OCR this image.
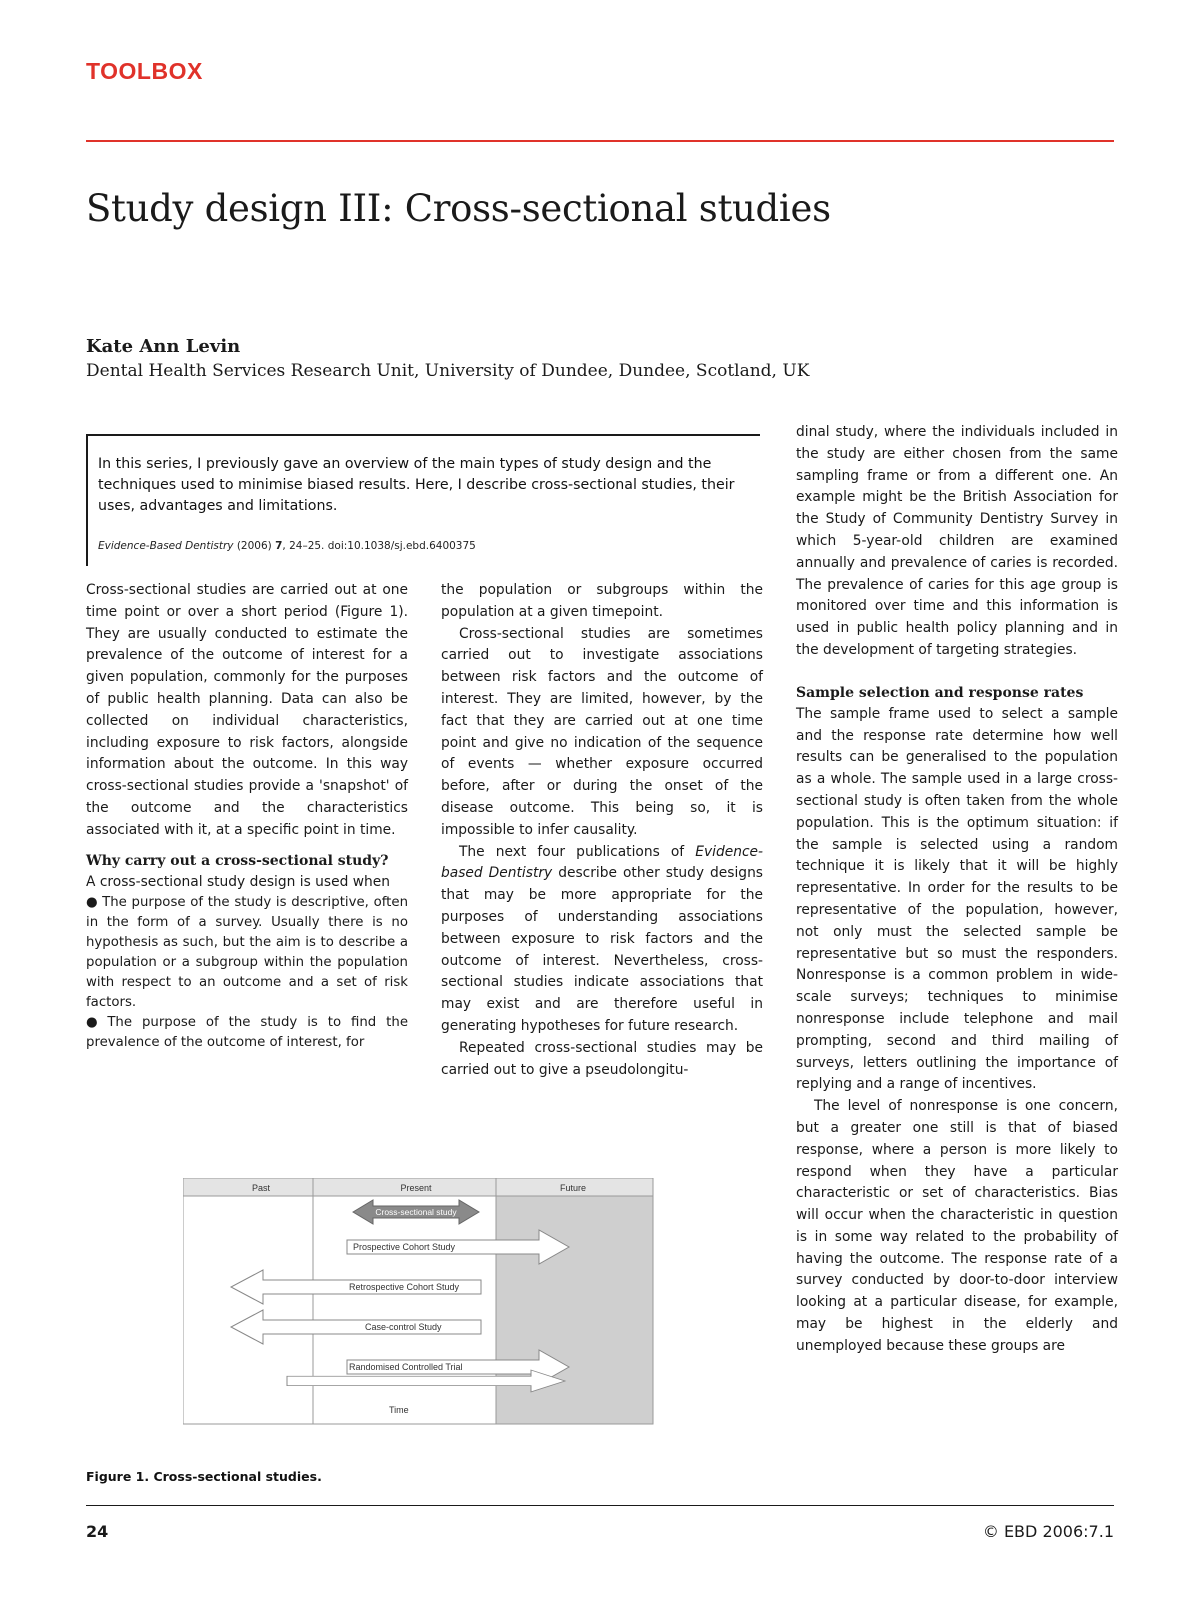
TOOLBOX
Study design III: Cross-sectional studies
Kate Ann Levin
Dental Health Services Research Unit, University of Dundee, Dundee, Scotland, UK
In this series, I previously gave an overview of the main types of study design and the techniques used to minimise biased results. Here, I describe cross-sectional studies, their uses, advantages and limitations.
Evidence-Based Dentistry (2006) 7, 24–25. doi:10.1038/sj.ebd.6400375

Cross-sectional studies are carried out at one time point or over a short period (Figure 1). They are usually conducted to estimate the prevalence of the outcome of interest for a given population, commonly for the purposes of public health planning. Data can also be collected on individual characteristics, including exposure to risk factors, alongside information about the outcome. In this way cross-sectional studies provide a 'snapshot' of the outcome and the characteristics associated with it, at a specific point in time.

Why carry out a cross-sectional study?

A cross-sectional study design is used when

● The purpose of the study is descriptive, often in the form of a survey. Usually there is no hypothesis as such, but the aim is to describe a population or a subgroup within the population with respect to an outcome and a set of risk factors.

● The purpose of the study is to find the prevalence of the outcome of interest, for

the population or subgroups within the population at a given timepoint.

Cross-sectional studies are sometimes carried out to investigate associations between risk factors and the outcome of interest. They are limited, however, by the fact that they are carried out at one time point and give no indication of the sequence of events — whether exposure occurred before, after or during the onset of the disease outcome. This being so, it is impossible to infer causality.

The next four publications of Evidence-based Dentistry describe other study designs that may be more appropriate for the purposes of understanding associations between exposure to risk factors and the outcome of interest. Nevertheless, cross-sectional studies indicate associations that may exist and are therefore useful in generating hypotheses for future research.

Repeated cross-sectional studies may be carried out to give a pseudolongitu-

dinal study, where the individuals included in the study are either chosen from the same sampling frame or from a different one. An example might be the British Association for the Study of Community Dentistry Survey in which 5-year-old children are examined annually and prevalence of caries is recorded. The prevalence of caries for this age group is monitored over time and this information is used in public health policy planning and in the development of targeting strategies.

Sample selection and response rates

The sample frame used to select a sample and the response rate determine how well results can be generalised to the population as a whole. The sample used in a large cross-sectional study is often taken from the whole population. This is the optimum situation: if the sample is selected using a random technique it is likely that it will be highly representative. In order for the results to be representative of the population, however, not only must the selected sample be representative but so must the responders. Nonresponse is a common problem in wide-scale surveys; techniques to minimise nonresponse include telephone and mail prompting, second and third mailing of surveys, letters outlining the importance of replying and a range of incentives.

The level of nonresponse is one concern, but a greater one still is that of biased response, where a person is more likely to respond when they have a particular characteristic or set of characteristics. Bias will occur when the characteristic in question is in some way related to the probability of having the outcome. The response rate of a survey conducted by door-to-door interview looking at a particular disease, for example, may be highest in the elderly and unemployed because these groups are

Past	Present	Future
Cross-sectional study
Prospective Cohort Study
Retrospective Cohort Study
Case-control Study
Randomised Controlled Trial
Time
Figure 1. Cross-sectional studies.
24	© EBD 2006:7.1
